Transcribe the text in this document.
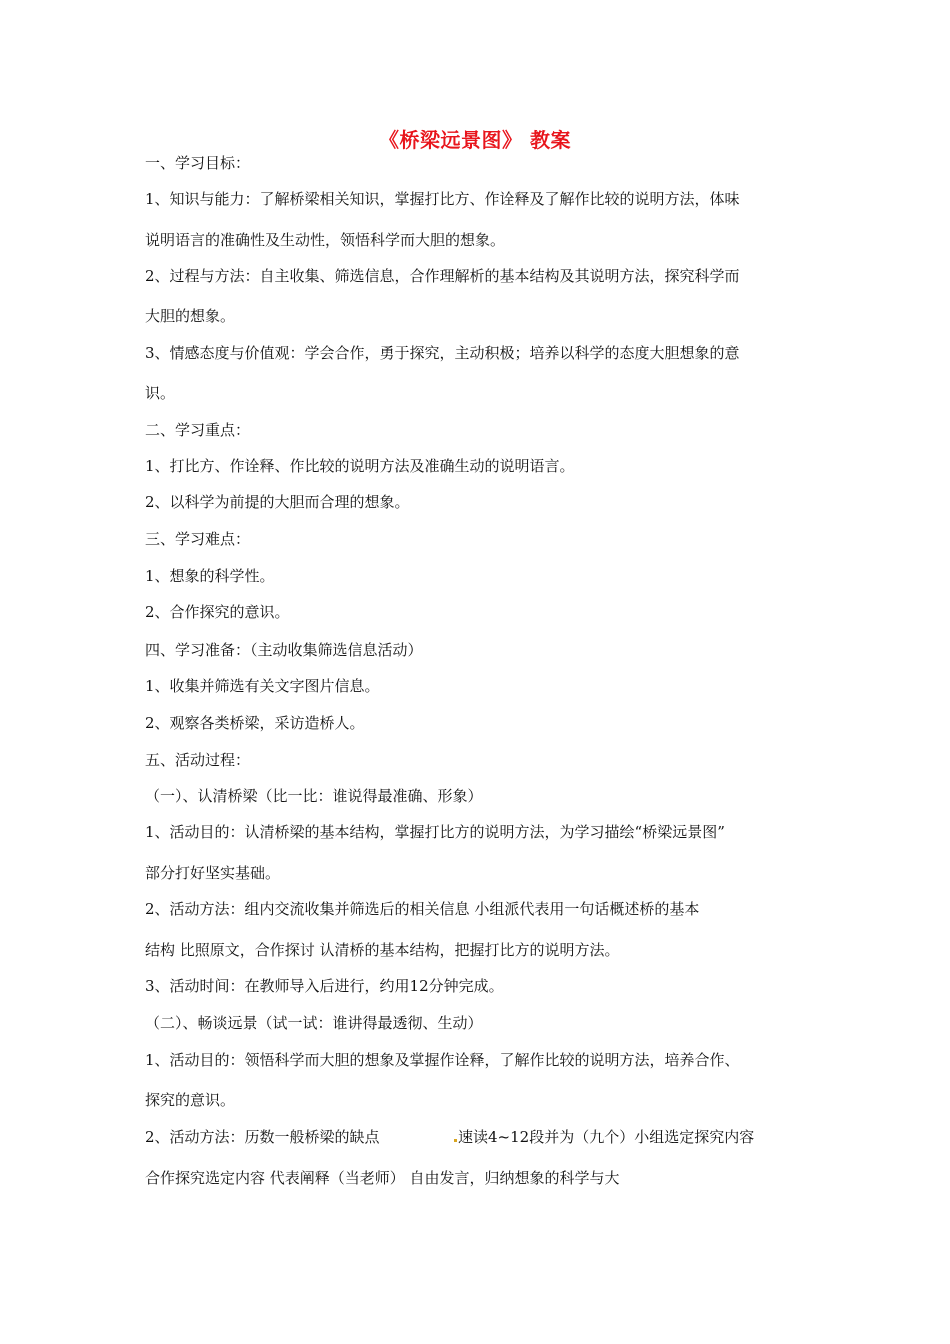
《桥梁远景图》 教案
一、学习目标：
1、知识与能力：了解桥梁相关知识，掌握打比方、作诠释及了解作比较的说明方法，体味
说明语言的准确性及生动性，领悟科学而大胆的想象。
2、过程与方法：自主收集、筛选信息，合作理解析的基本结构及其说明方法，探究科学而
大胆的想象。
3、情感态度与价值观：学会合作，勇于探究，主动积极；培养以科学的态度大胆想象的意
识。
二、学习重点：
1、打比方、作诠释、作比较的说明方法及准确生动的说明语言。
2、以科学为前提的大胆而合理的想象。
三、学习难点：
1、想象的科学性。
2、合作探究的意识。
四、学习准备：（主动收集筛选信息活动）
1、收集并筛选有关文字图片信息。
2、观察各类桥梁，采访造桥人。
五、活动过程：
（一）、认清桥梁（比一比：谁说得最准确、形象）
1、活动目的：认清桥梁的基本结构，掌握打比方的说明方法，为学习描绘“桥梁远景图”
部分打好坚实基础。
2、活动方法：组内交流收集并筛选后的相关信息 小组派代表用一句话概述桥的基本
结构 比照原文，合作探讨 认清桥的基本结构，把握打比方的说明方法。
3、活动时间：在教师导入后进行，约用12分钟完成。
（二）、畅谈远景（试一试：谁讲得最透彻、生动）
1、活动目的：领悟科学而大胆的想象及掌握作诠释，了解作比较的说明方法，培养合作、
探究的意识。
2、活动方法：历数一般桥梁的缺点	速读4~12段并为（九个）小组选定探究内容
合作探究选定内容 代表阐释（当老师） 自由发言，归纳想象的科学与大
